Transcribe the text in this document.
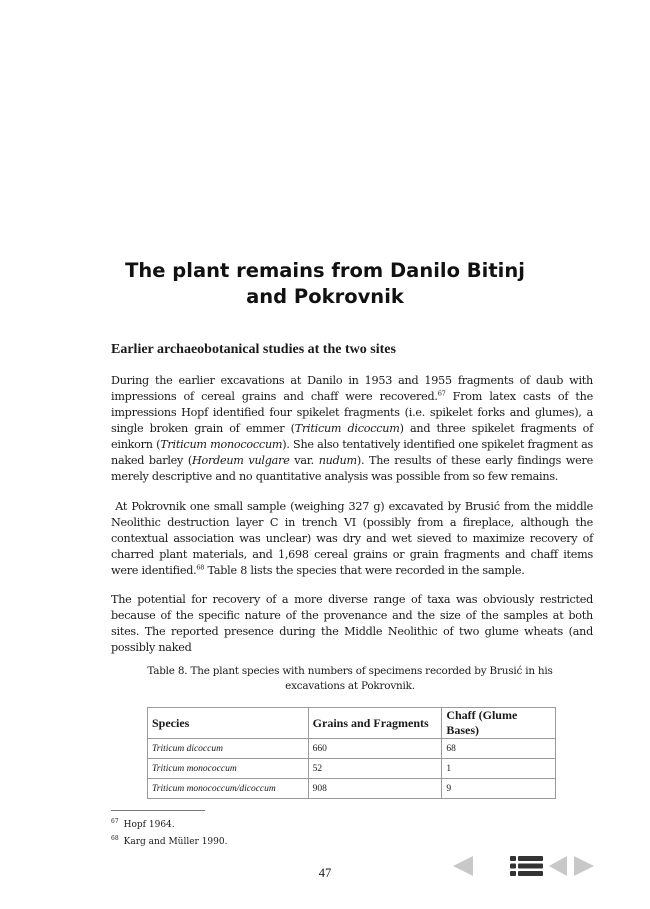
The plant remains from Danilo Bitinj
and Pokrovnik
Earlier archaeobotanical studies at the two sites

During the earlier excavations at Danilo in 1953 and 1955 fragments of daub with impressions of cereal grains and chaff were recovered.$^{67}$ From latex casts of the impressions Hopf identified four spikelet fragments (i.e. spikelet forks and glumes), a single broken grain of emmer (Triticum dicoccum) and three spikelet fragments of einkorn (Triticum monococcum). She also tentatively identified one spikelet fragment as naked barley (Hordeum vulgare var. nudum). The results of these early findings were merely descriptive and no quantitative analysis was possible from so few remains.

At Pokrovnik one small sample (weighing 327 g) excavated by Brusić from the middle Neolithic destruction layer C in trench VI (possibly from a fireplace, although the contextual association was unclear) was dry and wet sieved to maximize recovery of charred plant materials, and 1,698 cereal grains or grain fragments and chaff items were identified.$^{68}$ Table 8 lists the species that were recorded in the sample.

The potential for recovery of a more diverse range of taxa was obviously restricted because of the specific nature of the provenance and the size of the samples at both sites. The reported presence during the Middle Neolithic of two glume wheats (and possibly naked

Table 8. The plant species with numbers of specimens recorded by Brusić in his excavations at Pokrovnik.
Species	Grains and Fragments	Chaff (Glume Bases)
Triticum dicoccum	660	68
Triticum monococcum	52	1
Triticum monococcum/dicoccum	908	9
$^{67}$ Hopf 1964.
$^{68}$ Karg and Müller 1990.
47
